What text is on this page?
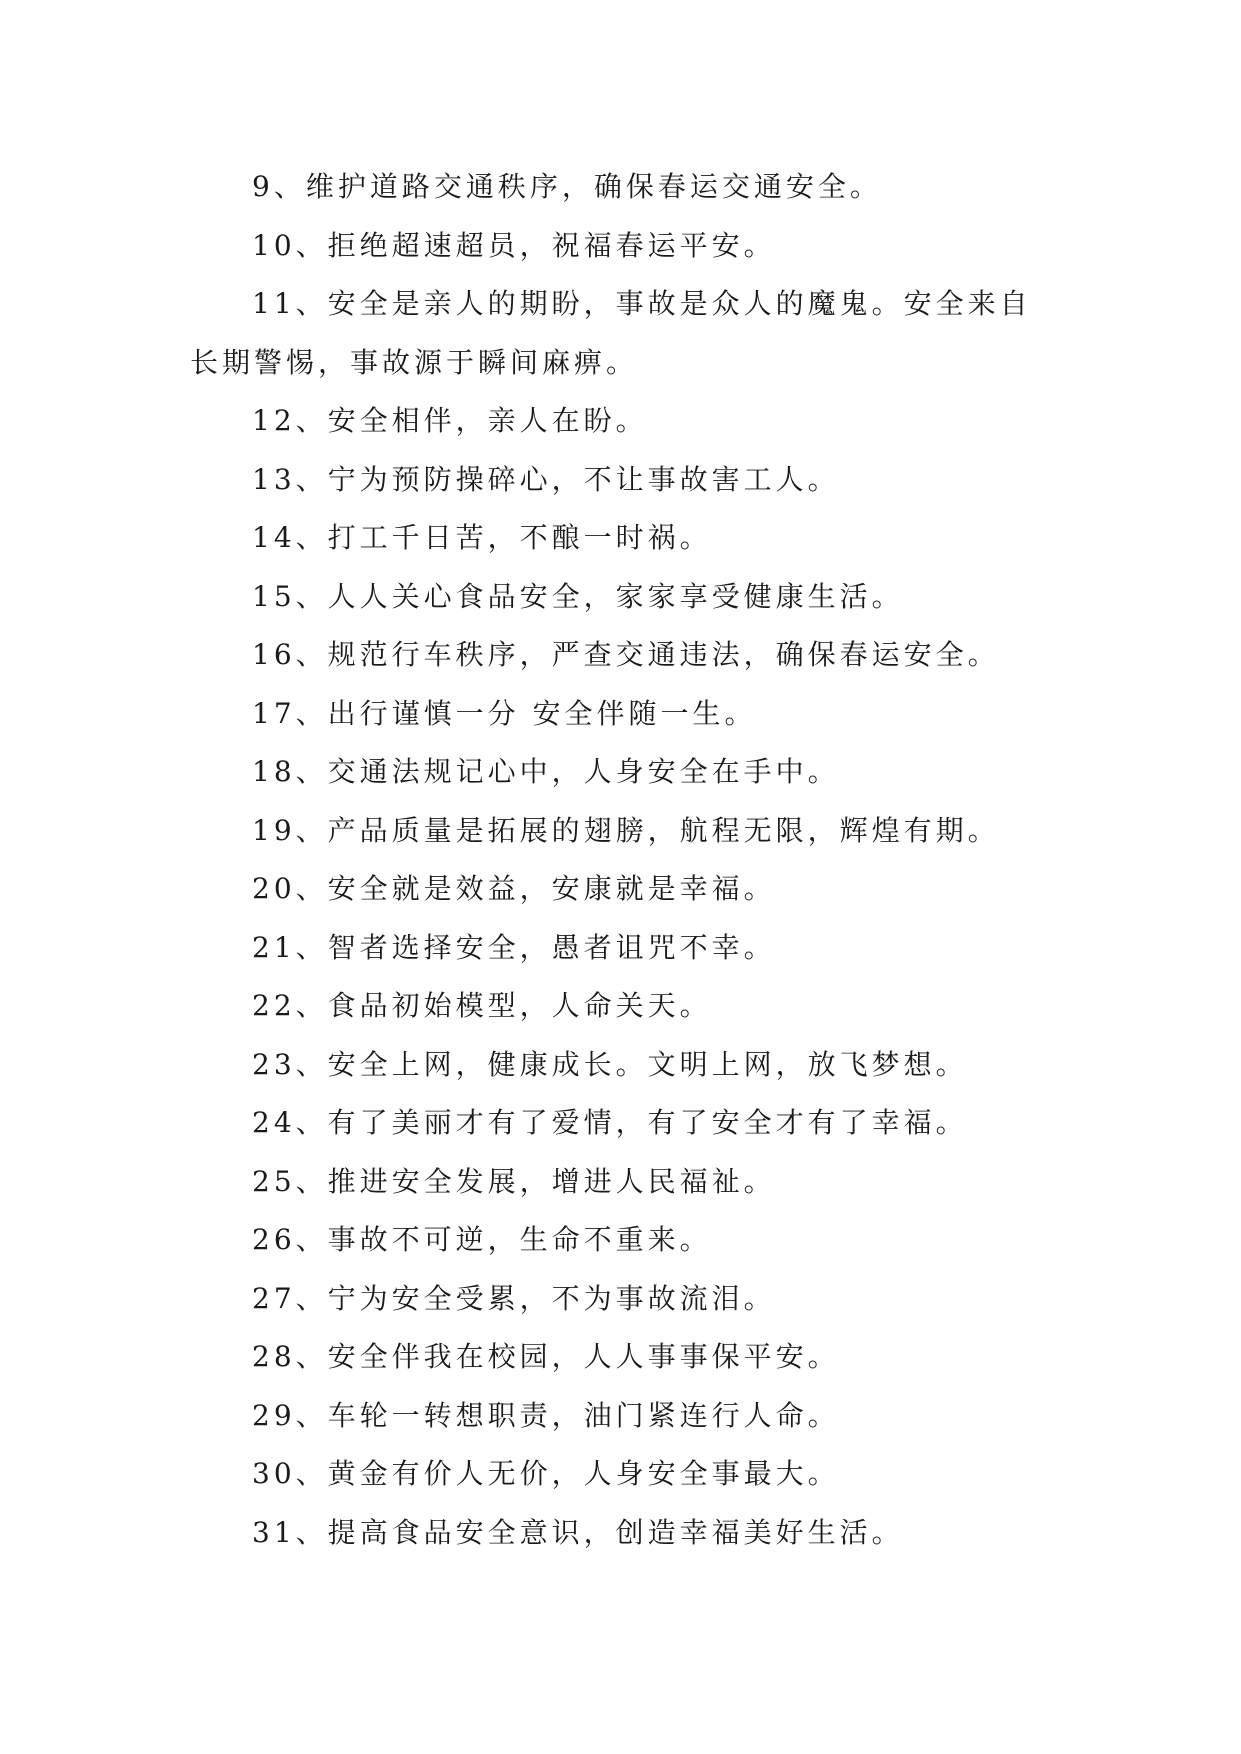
9、维护道路交通秩序，确保春运交通安全。
10、拒绝超速超员，祝福春运平安。
11、安全是亲人的期盼，事故是众人的魔鬼。安全来自
长期警惕，事故源于瞬间麻痹。
12、安全相伴，亲人在盼。
13、宁为预防操碎心，不让事故害工人。
14、打工千日苦，不酿一时祸。
15、人人关心食品安全，家家享受健康生活。
16、规范行车秩序，严查交通违法，确保春运安全。
17、出行谨慎一分 安全伴随一生。
18、交通法规记心中，人身安全在手中。
19、产品质量是拓展的翅膀，航程无限，辉煌有期。
20、安全就是效益，安康就是幸福。
21、智者选择安全，愚者诅咒不幸。
22、食品初始模型，人命关天。
23、安全上网，健康成长。文明上网，放飞梦想。
24、有了美丽才有了爱情，有了安全才有了幸福。
25、推进安全发展，增进人民福祉。
26、事故不可逆，生命不重来。
27、宁为安全受累，不为事故流泪。
28、安全伴我在校园，人人事事保平安。
29、车轮一转想职责，油门紧连行人命。
30、黄金有价人无价，人身安全事最大。
31、提高食品安全意识，创造幸福美好生活。
